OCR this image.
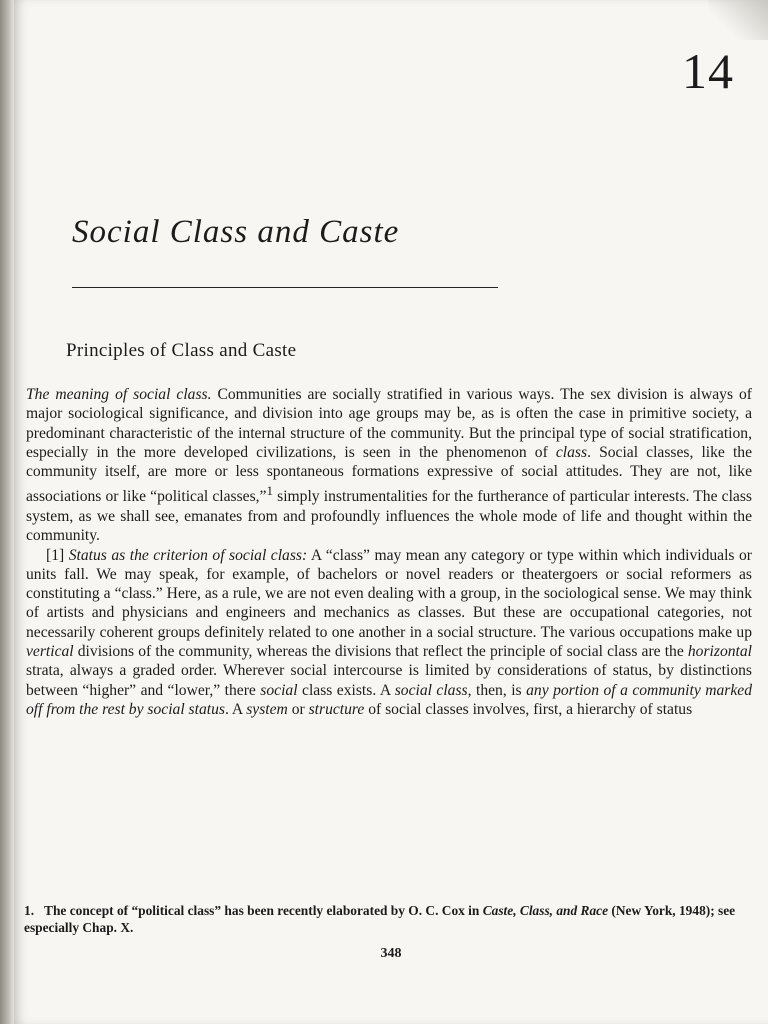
14
Social Class and Caste
Principles of Class and Caste

The meaning of social class. Communities are socially stratified in various ways. The sex division is always of major sociological significance, and division into age groups may be, as is often the case in primitive society, a predominant characteristic of the internal structure of the community. But the principal type of social stratification, especially in the more developed civilizations, is seen in the phenomenon of class. Social classes, like the community itself, are more or less spontaneous formations expressive of social attitudes. They are not, like associations or like “political classes,”$^1$ simply instrumentalities for the furtherance of particular interests. The class system, as we shall see, emanates from and profoundly influences the whole mode of life and thought within the community.

[1] Status as the criterion of social class: A “class” may mean any category or type within which individuals or units fall. We may speak, for example, of bachelors or novel readers or theatergoers or social reformers as constituting a “class.” Here, as a rule, we are not even dealing with a group, in the sociological sense. We may think of artists and physicians and engineers and mechanics as classes. But these are occupational categories, not necessarily coherent groups definitely related to one another in a social structure. The various occupations make up vertical divisions of the community, whereas the divisions that reflect the principle of social class are the horizontal strata, always a graded order. Wherever social intercourse is limited by considerations of status, by distinctions between “higher” and “lower,” there social class exists. A social class, then, is any portion of a community marked off from the rest by social status. A system or structure of social classes involves, first, a hierarchy of status

1. The concept of “political class” has been recently elaborated by O. C. Cox in Caste, Class, and Race (New York, 1948); see especially Chap. X.
348
